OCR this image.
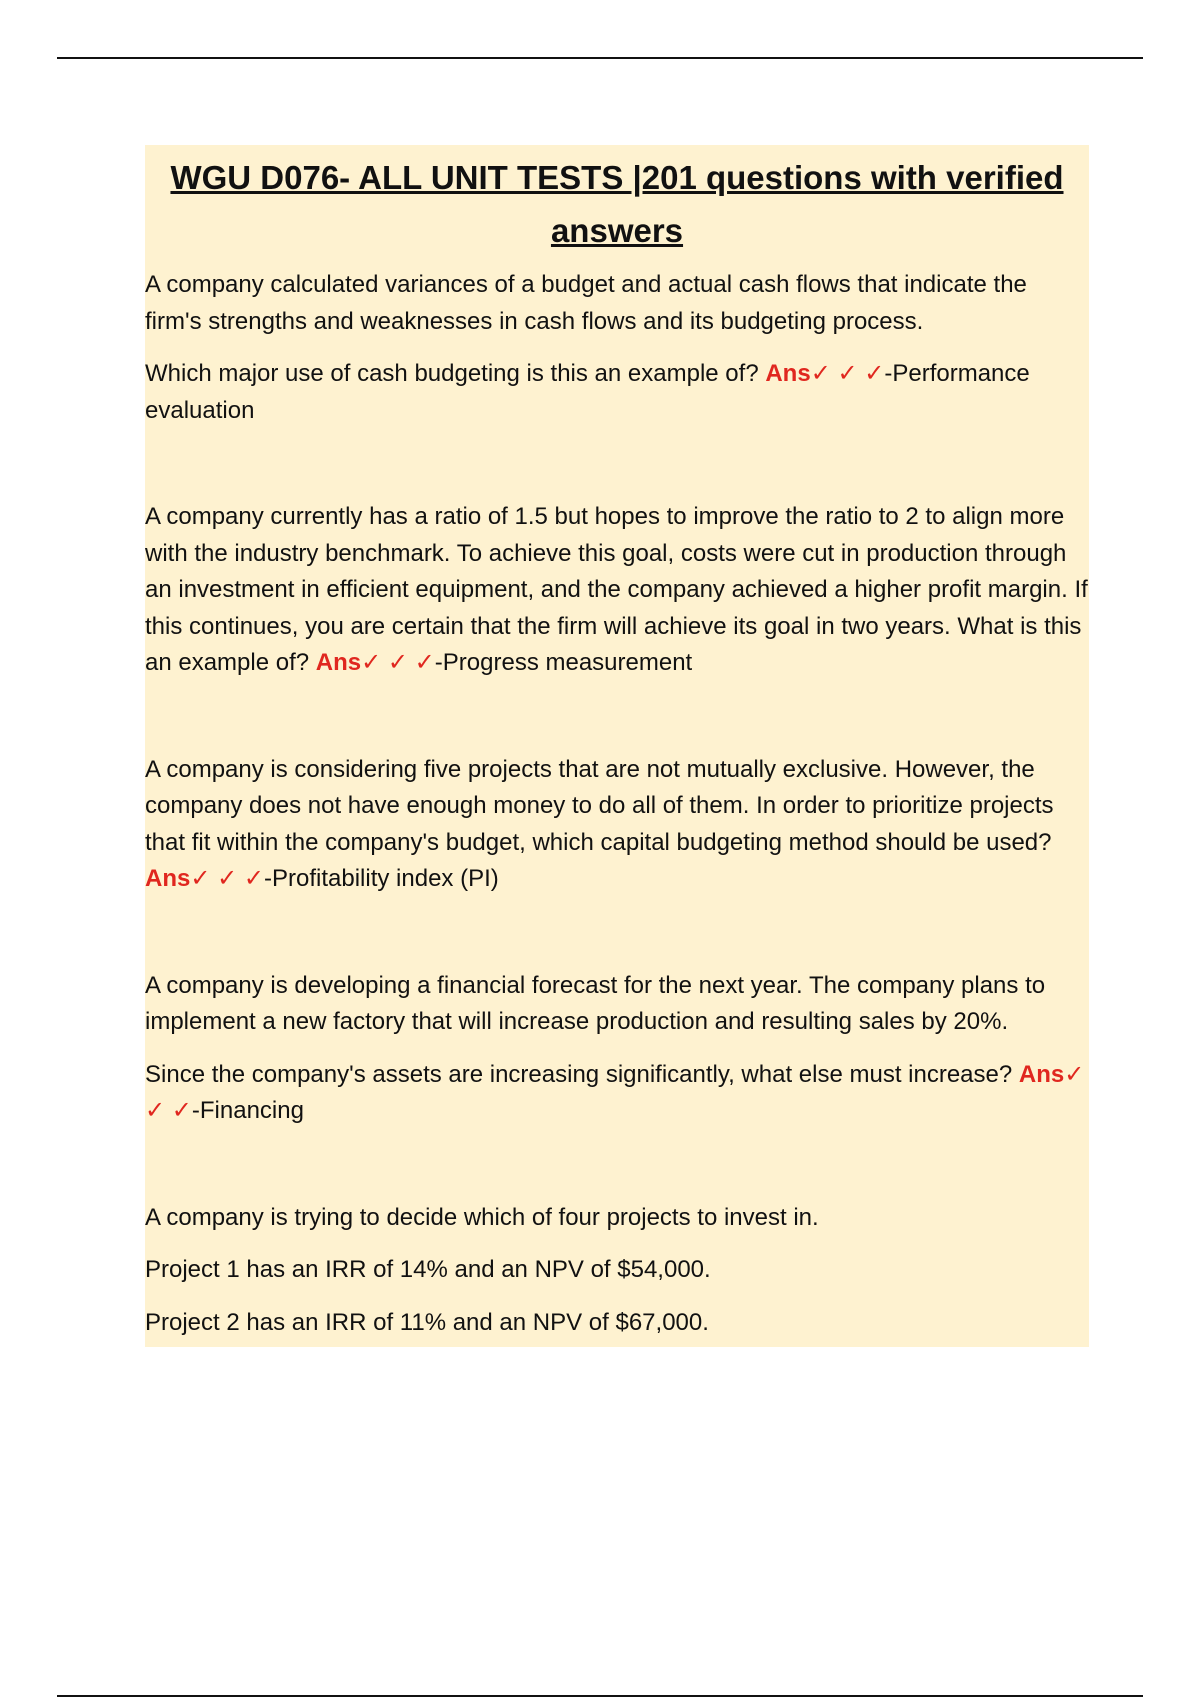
WGU D076- ALL UNIT TESTS |201 questions with verified answers

A company calculated variances of a budget and actual cash flows that indicate the firm's strengths and weaknesses in cash flows and its budgeting process.

Which major use of cash budgeting is this an example of? Ans✓ ✓ ✓-Performance evaluation

A company currently has a ratio of 1.5 but hopes to improve the ratio to 2 to align more with the industry benchmark. To achieve this goal, costs were cut in production through an investment in efficient equipment, and the company achieved a higher profit margin. If this continues, you are certain that the firm will achieve its goal in two years. What is this an example of? Ans✓ ✓ ✓-Progress measurement

A company is considering five projects that are not mutually exclusive. However, the company does not have enough money to do all of them. In order to prioritize projects that fit within the company's budget, which capital budgeting method should be used? Ans✓ ✓ ✓-Profitability index (PI)

A company is developing a financial forecast for the next year. The company plans to implement a new factory that will increase production and resulting sales by 20%.

Since the company's assets are increasing significantly, what else must increase? Ans✓ ✓ ✓-Financing

A company is trying to decide which of four projects to invest in.

Project 1 has an IRR of 14% and an NPV of $54,000.

Project 2 has an IRR of 11% and an NPV of $67,000.
